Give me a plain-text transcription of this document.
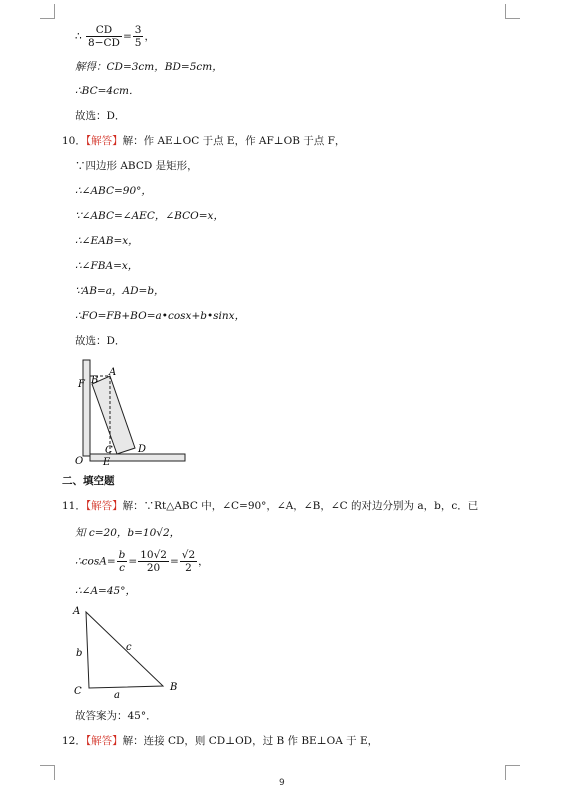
∴ $\frac{CD}{8-CD} = \frac{3}{5}$ ，
解得：CD=3cm，BD=5cm，
∴BC=4cm．
故选：D．
10．【解答】解：作 AE⊥OC 于点 E，作 AF⊥OB 于点 F，
∵四边形 ABCD 是矩形，
∴∠ABC=90°，
∵∠ABC=∠AEC，∠BCO=x，
∴∠EAB=x，
∴∠FBA=x，
∵AB=a，AD=b，
∴FO=FB+BO=a•cosx+b•sinx，
故选：D．
F B
A
C	D
O E
二、填空题
11．【解答】解：∵Rt△ABC 中，∠C=90°，∠A，∠B，∠C 的对边分别为 a，b，c．已
知 c=20，b=10√2，
∴cosA= $\frac{b}{c} = \frac{10√2}{20} = \frac{√2}{2}$ ，
∴∠A=45°，
A
b
c
C	a
B
故答案为：45°．
12．【解答】解：连接 CD，则 CD⊥OD，过 B 作 BE⊥OA 于 E，
9
